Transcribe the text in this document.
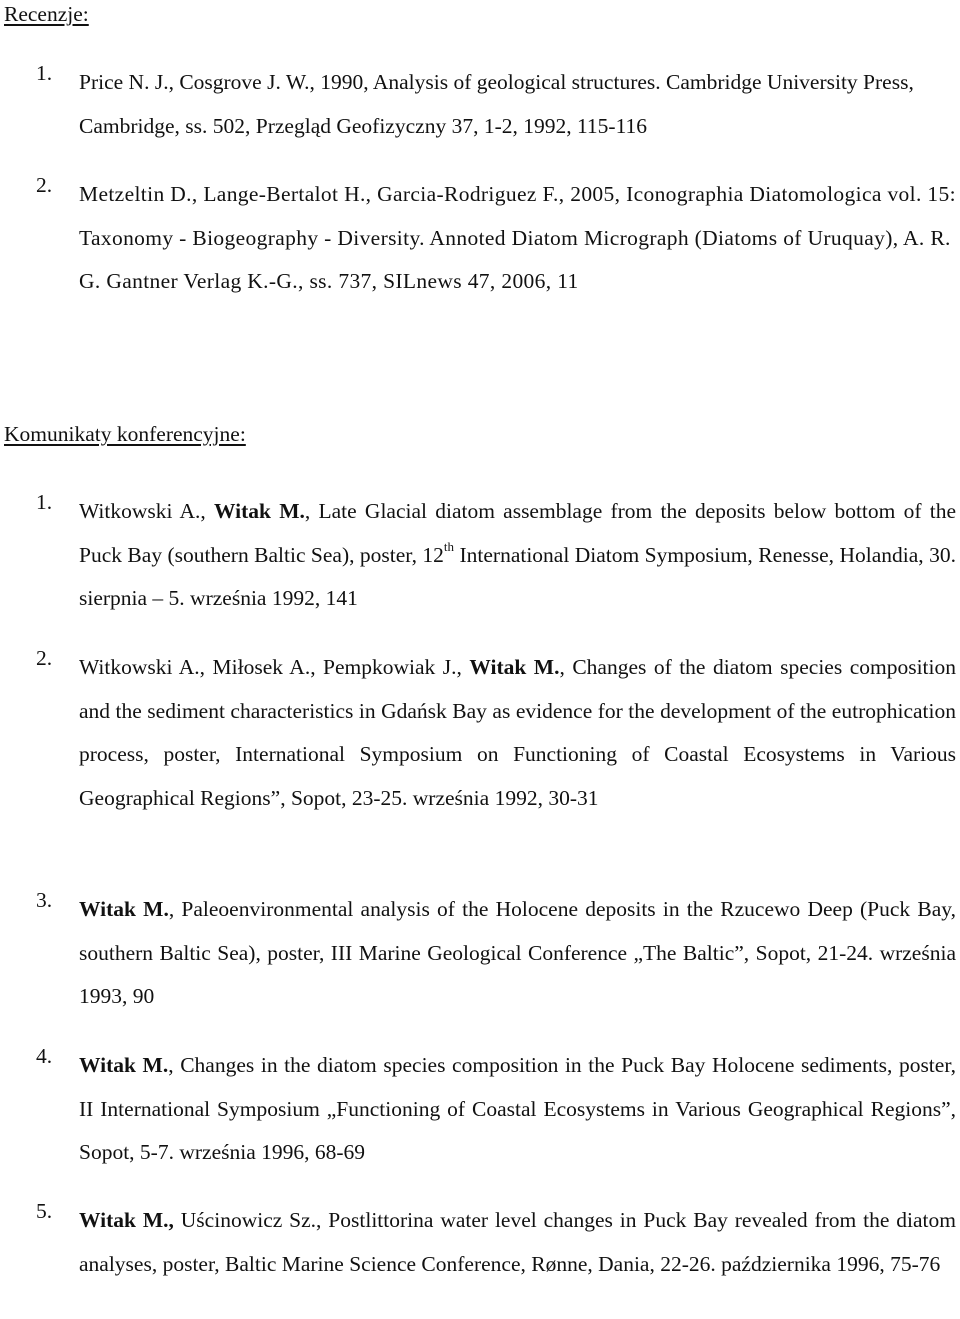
Recenzje:
1. Price N. J., Cosgrove J. W., 1990, Analysis of geological structures. Cambridge University Press, Cambridge, ss. 502, Przegląd Geofizyczny 37, 1-2, 1992, 115-116
2. Metzeltin D., Lange-Bertalot H., Garcia-Rodriguez F., 2005, Iconographia Diatomologica vol. 15: Taxonomy - Biogeography - Diversity. Annoted Diatom Micrograph (Diatoms of Uruquay), A. R. G. Gantner Verlag K.-G., ss. 737, SILnews 47, 2006, 11
Komunikaty konferencyjne:
1. Witkowski A., Witak M., Late Glacial diatom assemblage from the deposits below bottom of the Puck Bay (southern Baltic Sea), poster, 12th International Diatom Symposium, Renesse, Holandia, 30. sierpnia – 5. września 1992, 141
2. Witkowski A., Miłosek A., Pempkowiak J., Witak M., Changes of the diatom species composition and the sediment characteristics in Gdańsk Bay as evidence for the development of the eutrophication process, poster, International Symposium on Functioning of Coastal Ecosystems in Various Geographical Regions”, Sopot, 23-25. września 1992, 30-31
3. Witak M., Paleoenvironmental analysis of the Holocene deposits in the Rzucewo Deep (Puck Bay, southern Baltic Sea), poster, III Marine Geological Conference „The Baltic”, Sopot, 21-24. września 1993, 90
4. Witak M., Changes in the diatom species composition in the Puck Bay Holocene sediments, poster, II International Symposium „Functioning of Coastal Ecosystems in Various Geographical Regions”, Sopot, 5-7. września 1996, 68-69
5. Witak M., Uścinowicz Sz., Postlittorina water level changes in Puck Bay revealed from the diatom analyses, poster, Baltic Marine Science Conference, Rønne, Dania, 22-26. października 1996, 75-76
